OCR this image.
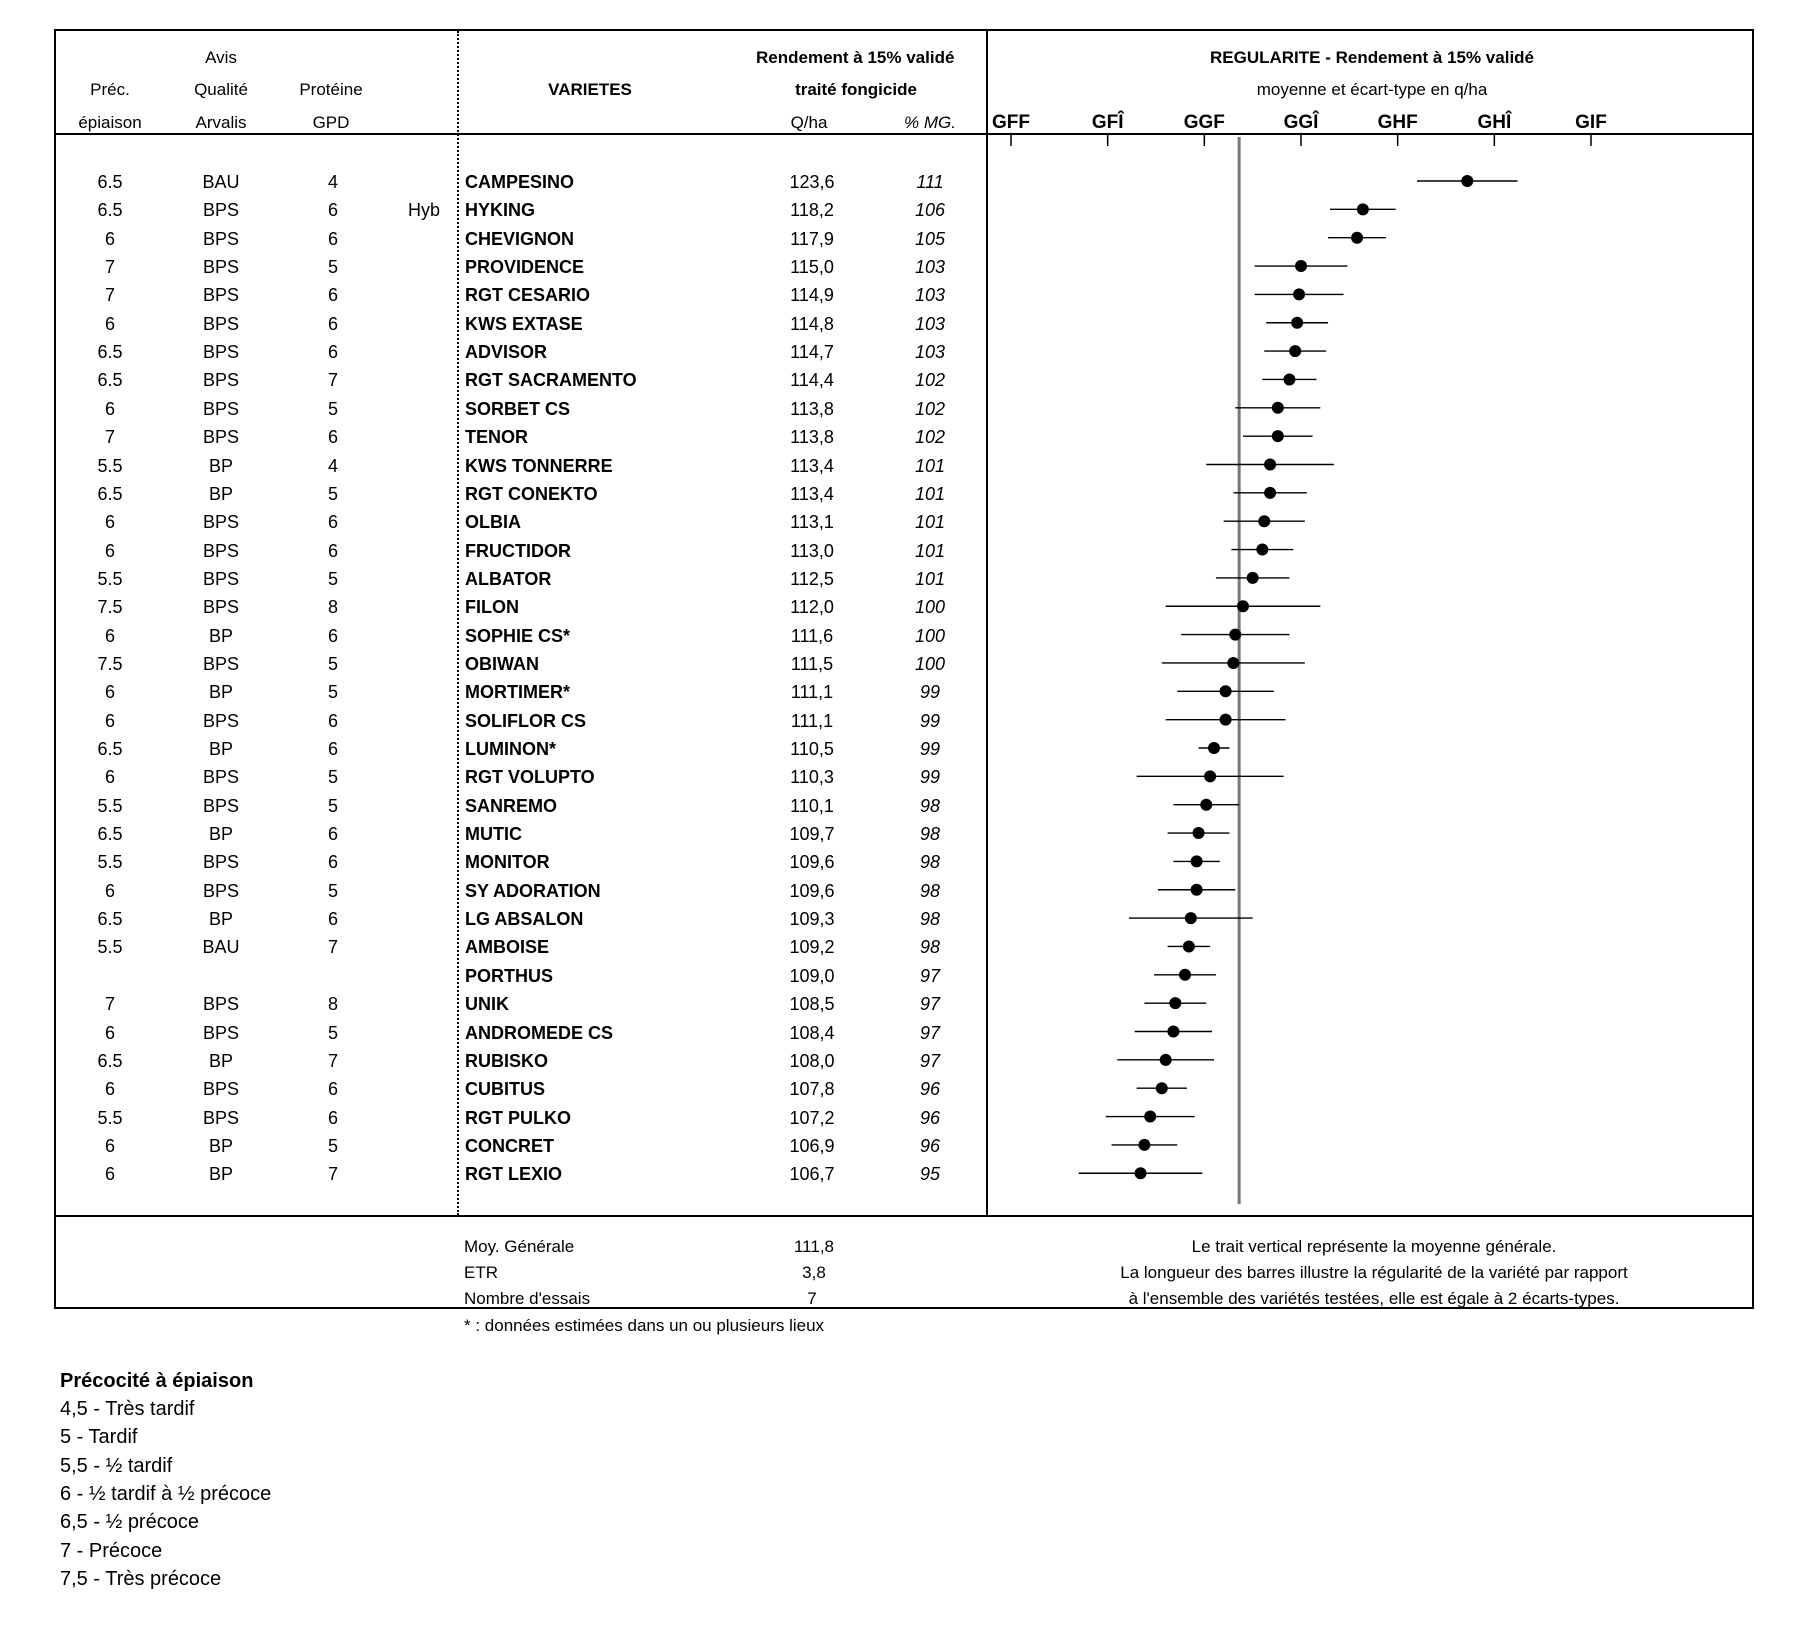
Avis
Préc.	Qualité	Protéine
épiaison	Arvalis	GPD
VARIETES
Rendement à 15% validé
traité fongicide
Q/ha	% MG.
REGULARITE - Rendement à 15% validé
moyenne et écart-type en q/ha
6.5	BAU	4	CAMPESINO	123,6	111
6.5	BPS	6	Hyb HYKING	118,2	106
6	BPS	6	CHEVIGNON	117,9	105
7	BPS	5	PROVIDENCE	115,0	103
7	BPS	6	RGT CESARIO	114,9	103
6	BPS	6	KWS EXTASE	114,8	103
6.5	BPS	6	ADVISOR	114,7	103
6.5	BPS	7	RGT SACRAMENTO	114,4	102
6	BPS	5	SORBET CS	113,8	102
7	BPS	6	TENOR	113,8	102
5.5	BP	4	KWS TONNERRE	113,4	101
6.5	BP	5	RGT CONEKTO	113,4	101
6	BPS	6	OLBIA	113,1	101
6	BPS	6	FRUCTIDOR	113,0	101
5.5	BPS	5	ALBATOR	112,5	101
7.5	BPS	8	FILON	112,0	100
6	BP	6	SOPHIE CS*	111,6	100
7.5	BPS	5	OBIWAN	111,5	100
6	BP	5	MORTIMER*	111,1	99
6	BPS	6	SOLIFLOR CS	111,1	99
6.5	BP	6	LUMINON*	110,5	99
6	BPS	5	RGT VOLUPTO	110,3	99
5.5	BPS	5	SANREMO	110,1	98
6.5	BP	6	MUTIC	109,7	98
5.5	BPS	6	MONITOR	109,6	98
6	BPS	5	SY ADORATION	109,6	98
6.5	BP	6	LG ABSALON	109,3	98
5.5	BAU	7	AMBOISE	109,2	98
PORTHUS	109,0	97
7	BPS	8	UNIK	108,5	97
6	BPS	5	ANDROMEDE CS	108,4	97
6.5	BP	7	RUBISKO	108,0	97
6	BPS	6	CUBITUS	107,8	96
5.5	BPS	6	RGT PULKO	107,2	96
6	BP	5	CONCRET	106,9	96
6	BP	7	RGT LEXIO	106,7	95
GFF	GFÎ	GGF	GGÎ	GHF	GHÎ	GIF
Moy. Générale	111,8
ETR	3,8
Nombre d'essais	7
Le trait vertical représente la moyenne générale.
La longueur des barres illustre la régularité de la variété par rapport
à l'ensemble des variétés testées, elle est égale à 2 écarts-types.
* : données estimées dans un ou plusieurs lieux
Précocité à épiaison
4,5 - Très tardif
5 - Tardif
5,5 - ½ tardif
6 - ½ tardif à ½ précoce
6,5 - ½ précoce
7 - Précoce
7,5 - Très précoce
